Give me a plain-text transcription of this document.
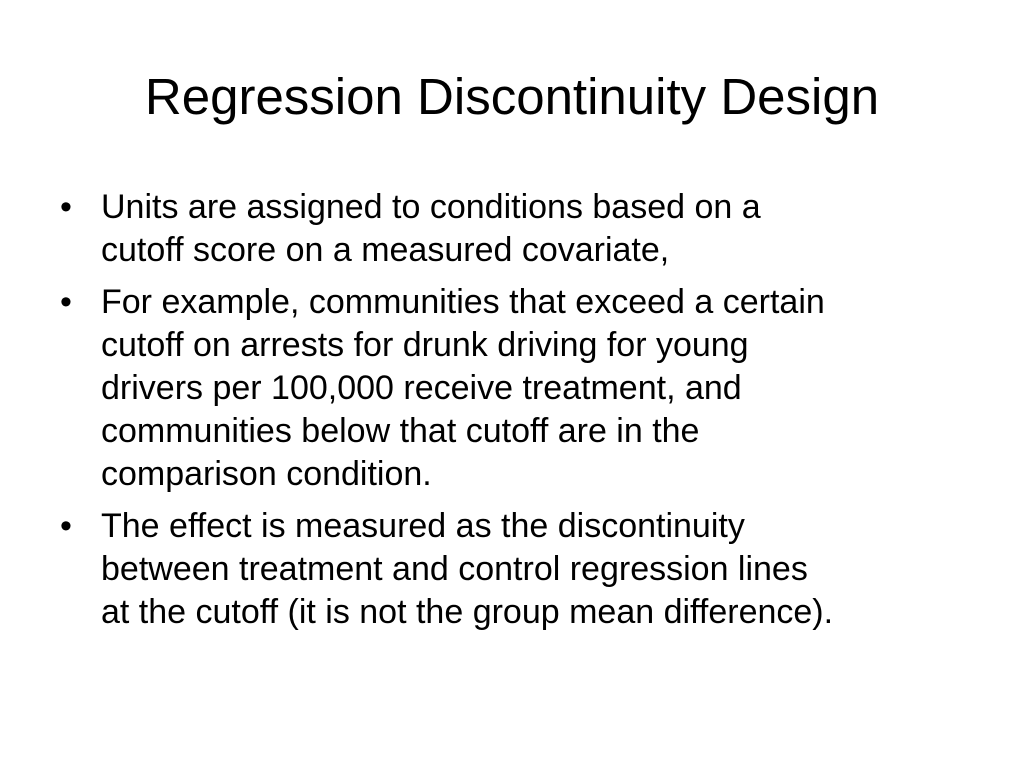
Regression Discontinuity Design
• Units are assigned to conditions based on a
cutoff score on a measured covariate,
• For example, communities that exceed a certain
cutoff on arrests for drunk driving for young
drivers per 100,000 receive treatment, and
communities below that cutoff are in the
comparison condition.
• The effect is measured as the discontinuity
between treatment and control regression lines
at the cutoff (it is not the group mean difference).
